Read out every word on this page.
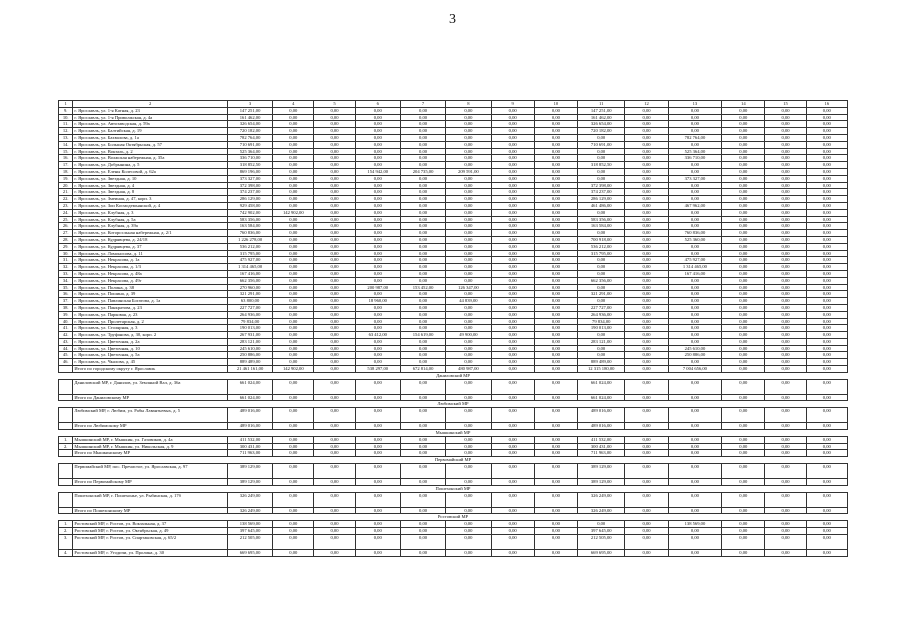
3
1	2	3	4	5	6	7	8	9	10	11	12	13	14	15	16
9.	г. Ярославль, ул. 1-я Катная, д. 23	147 251,00	0,00	0,00	0,00	0,00	0,00	0,00	0,00	147 251,00	0,00	0,00	0,00	0,00	0,00
10.	г. Ярославль, ул. 1-я Приволжская, д. 4а	161 462,00	0,00	0,00	0,00	0,00	0,00	0,00	0,00	161 462,00	0,00	0,00	0,00	0,00	0,00
11.	г. Ярославль, ул. Автозаводская, д. 59а	326 654,00	0,00	0,00	0,00	0,00	0,00	0,00	0,00	326 654,00	0,00	0,00	0,00	0,00	0,00
12.	г. Ярославль, ул. Балтийская, д. 19	720 182,00	0,00	0,00	0,00	0,00	0,00	0,00	0,00	720 182,00	0,00	0,00	0,00	0,00	0,00
13.	г. Ярославль, ул. Бахвалова, д. 1а	782 764,00	0,00	0,00	0,00	0,00	0,00	0,00	0,00	0,00	0,00	782 764,00	0,00	0,00	0,00
14.	г. Ярославль, ул. Большая Октябрьская, д. 57	710 691,00	0,00	0,00	0,00	0,00	0,00	0,00	0,00	710 691,00	0,00	0,00	0,00	0,00	0,00
15.	г. Ярославль, ул. Вокзаль, д. 2	525 364,00	0,00	0,00	0,00	0,00	0,00	0,00	0,00	0,00	0,00	525 364,00	0,00	0,00	0,00
16.	г. Ярославль, ул. Волжская набережная, д. 35а	336 710,00	0,00	0,00	0,00	0,00	0,00	0,00	0,00	0,00	0,00	336 710,00	0,00	0,00	0,00
17.	г. Ярославль, ул. Добрынина, д. 5	318 852,50	0,00	0,00	0,00	0,00	0,00	0,00	0,00	318 852,50	0,00	0,00	0,00	0,00	0,00
18.	г. Ярославль, ул. Елены Колесовой, д. 62а	869 196,00	0,00	0,00	154 942,00	204 735,00	209 591,00	0,00	0,00	0,00	0,00	0,00	0,00	0,00	0,00
19.	г. Ярославль, ул. Звездная, д. 10	373 327,00	0,00	0,00	0,00	0,00	0,00	0,00	0,00	0,00	0,00	373 327,00	0,00	0,00	0,00
20.	г. Ярославль, ул. Звездная, д. 4	372 398,00	0,00	0,00	0,00	0,00	0,00	0,00	0,00	372 398,00	0,00	0,00	0,00	0,00	0,00
21.	г. Ярославль, ул. Звездная, д. 8	374 237,00	0,00	0,00	0,00	0,00	0,00	0,00	0,00	374 237,00	0,00	0,00	0,00	0,00	0,00
22.	г. Ярославль, ул. Змеиная, д. 47, корп. 3	286 129,00	0,00	0,00	0,00	0,00	0,00	0,00	0,00	286 129,00	0,00	0,00	0,00	0,00	0,00
23.	г. Ярославль, ул. Зои Космодемьянской, д. 4	929 458,00	0,00	0,00	0,00	0,00	0,00	0,00	0,00	461 486,00	0,00	467 962,00	0,00	0,00	0,00
24.	г. Ярославль, ул. Клубная, д. 3	742 902,00	142 902,00	0,00	0,00	0,00	0,00	0,00	0,00	0,00	0,00	0,00	0,00	0,00	0,00
25.	г. Ярославль, ул. Клубная, д. 5а	583 356,00	0,00	0,00	0,00	0,00	0,00	0,00	0,00	583 356,00	0,00	0,00	0,00	0,00	0,00
26.	г. Ярославль, ул. Клубная, д. 39а	163 584,00	0,00	0,00	0,00	0,00	0,00	0,00	0,00	163 584,00	0,00	0,00	0,00	0,00	0,00
27.	г. Ярославль, ул. Которосльная набережная, д. 2/1	760 836,00	0,00	0,00	0,00	0,00	0,00	0,00	0,00	0,00	0,00	760 836,00	0,00	0,00	0,00
28.	г. Ярославль, ул. Кудрявцева, д. 24/18	1 226 278,00	0,00	0,00	0,00	0,00	0,00	0,00	0,00	700 918,00	0,00	525 360,00	0,00	0,00	0,00
29.	г. Ярославль, ул. Кудрявцева, д. 37	536 212,00	0,00	0,00	0,00	0,00	0,00	0,00	0,00	536 212,00	0,00	0,00	0,00	0,00	0,00
30.	г. Ярославль, ул. Ломоносова, д. 11	315 795,00	0,00	0,00	0,00	0,00	0,00	0,00	0,00	315 795,00	0,00	0,00	0,00	0,00	0,00
31.	г. Ярославль, ул. Некрасова, д. 1а	475 927,00	0,00	0,00	0,00	0,00	0,00	0,00	0,00	0,00	0,00	475 927,00	0,00	0,00	0,00
32.	г. Ярославль, ул. Некрасова, д. 1/3	1 314 465,00	0,00	0,00	0,00	0,00	0,00	0,00	0,00	0,00	0,00	1 314 465,00	0,00	0,00	0,00
33.	г. Ярославль, ул. Некрасова, д. 48а	167 416,00	0,00	0,00	0,00	0,00	0,00	0,00	0,00	0,00	0,00	167 416,00	0,00	0,00	0,00
34.	г. Ярославль, ул. Некрасова, д. 49г	662 356,00	0,00	0,00	0,00	0,00	0,00	0,00	0,00	662 356,00	0,00	0,00	0,00	0,00	0,00
35.	г. Ярославль, ул. Полина, д. 38	270 960,00	0,00	0,00	200 987,00	153 452,00	126 347,00	0,00	0,00	0,00	0,00	0,00	0,00	0,00	0,00
36.	г. Ярославль, ул. Пошина, д. 39	321 291,00	0,00	0,00	0,00	0,00	0,00	0,00	0,00	321 291,00	0,00	0,00	0,00	0,00	0,00
37.	г. Ярославль, ул. Павлинская Богатова, д. 1а	63 800,00	0,00	0,00	18 960,00	0,00	44 839,00	0,00	0,00	0,00	0,00	0,00	0,00	0,00	0,00
38.	г. Ярославль, ул. Панкратова, д. 23	227 727,00	0,00	0,00	0,00	0,00	0,00	0,00	0,00	227 727,00	0,00	0,00	0,00	0,00	0,00
39.	г. Ярославль, ул. Парковая, д. 23	264 936,00	0,00	0,00	0,00	0,00	0,00	0,00	0,00	264 936,00	0,00	0,00	0,00	0,00	0,00
40.	г. Ярославль, ул. Пролетарская, д. 2	79 834,00	0,00	0,00	0,00	0,00	0,00	0,00	0,00	79 834,00	0,00	0,00	0,00	0,00	0,00
41.	г. Ярославль, ул. Столярная, д. 3	190 013,00	0,00	0,00	0,00	0,00	0,00	0,00	0,00	190 013,00	0,00	0,00	0,00	0,00	0,00
42.	г. Ярославль, ул. Труфанова, д. 30, корп. 2	267 931,00	0,00	0,00	63 412,00	154 619,00	49 900,00	0,00	0,00	0,00	0,00	0,00	0,00	0,00	0,00
43.	г. Ярославль, ул. Цветочная, д. 2а	283 121,00	0,00	0,00	0,00	0,00	0,00	0,00	0,00	283 121,00	0,00	0,00	0,00	0,00	0,00
44.	г. Ярославль, ул. Цветочная, д. 10	245 610,00	0,00	0,00	0,00	0,00	0,00	0,00	0,00	0,00	0,00	245 610,00	0,00	0,00	0,00
45.	г. Ярославль, ул. Цветочная, д. 5а	250 886,00	0,00	0,00	0,00	0,00	0,00	0,00	0,00	0,00	0,00	250 886,00	0,00	0,00	0,00
46.	г. Ярославль, ул. Чкалова, д. 45	889 489,00	0,00	0,00	0,00	0,00	0,00	0,00	0,00	889 489,00	0,00	0,00	0,00	0,00	0,00
	Итого по городскому округу г. Ярославль	21 461 161,00	142 902,00	0,00	538 297,00	672 814,00	480 987,00	0,00	0,00	12 315 180,00	0,00	7 004 656,00	0,00	0,00	0,00
Даниловский МР															
	Даниловский МР, г. Данилов, ул. Земляной Вал, д. 36а	661 024,00	0,00	0,00	0,00	0,00	0,00	0,00	0,00	661 024,00	0,00	0,00	0,00	0,00	0,00
	Итого по Даниловскому МР	661 024,00	0,00	0,00	0,00	0,00	0,00	0,00	0,00	661 024,00	0,00	0,00	0,00	0,00	0,00
Любимский МР															
	Любимский МР, г. Любим, ул. Рабы Лавантьевых, д. 5	489 016,00	0,00	0,00	0,00	0,00	0,00	0,00	0,00	489 016,00	0,00	0,00	0,00	0,00	0,00
	Итого по Любимскому МР	489 016,00	0,00	0,00	0,00	0,00	0,00	0,00	0,00	489 016,00	0,00	0,00	0,00	0,00	0,00
Мышкинский МР															
1.	Мышкинский МР, г. Мышкин, ул. Газовиков, д. 4а	411 532,00	0,00	0,00	0,00	0,00	0,00	0,00	0,00	411 532,00	0,00	0,00	0,00	0,00	0,00
2.	Мышкинский МР, г. Мышкин, ул. Никольская, д. 9	300 431,00	0,00	0,00	0,00	0,00	0,00	0,00	0,00	300 431,00	0,00	0,00	0,00	0,00	0,00
	Итого по Мышкинскому МР	711 963,00	0,00	0,00	0,00	0,00	0,00	0,00	0,00	711 963,00	0,00	0,00	0,00	0,00	0,00
Первомайский МР															
	Первомайский МР, пос. Пречистое, ул. Ярославская, д. 97	389 129,00	0,00	0,00	0,00	0,00	0,00	0,00	0,00	389 129,00	0,00	0,00	0,00	0,00	0,00
	Итого по Первомайскому МР	389 129,00	0,00	0,00	0,00	0,00	0,00	0,00	0,00	389 129,00	0,00	0,00	0,00	0,00	0,00
Пошехонский МР															
	Пошехонский МР, г. Пошехонье, ул. Рыбинская, д. 17б	326 249,00	0,00	0,00	0,00	0,00	0,00	0,00	0,00	326 249,00	0,00	0,00	0,00	0,00	0,00
	Итого по Пошехонскому МР	326 249,00	0,00	0,00	0,00	0,00	0,00	0,00	0,00	326 249,00	0,00	0,00	0,00	0,00	0,00
Ростовский МР															
1.	Ростовский МР, г. Ростов, ул. Вокзальная, д. 37	138 569,00	0,00	0,00	0,00	0,00	0,00	0,00	0,00	0,00	0,00	138 569,00	0,00	0,00	0,00
2.	Ростовский МР, г. Ростов, ул. Октябрьская, д. 49	397 645,00	0,00	0,00	0,00	0,00	0,00	0,00	0,00	397 645,00	0,00	0,00	0,00	0,00	0,00
3.	Ростовский МР, г. Ростов, ул. Спартаковская, д. 65/2	212 505,00	0,00	0,00	0,00	0,00	0,00	0,00	0,00	212 505,00	0,00	0,00	0,00	0,00	0,00
4.	Ростовский МР, г. Угодичи, ул. Пролина, д. 30	669 695,00	0,00	0,00	0,00	0,00	0,00	0,00	0,00	669 695,00	0,00	0,00	0,00	0,00	0,00
